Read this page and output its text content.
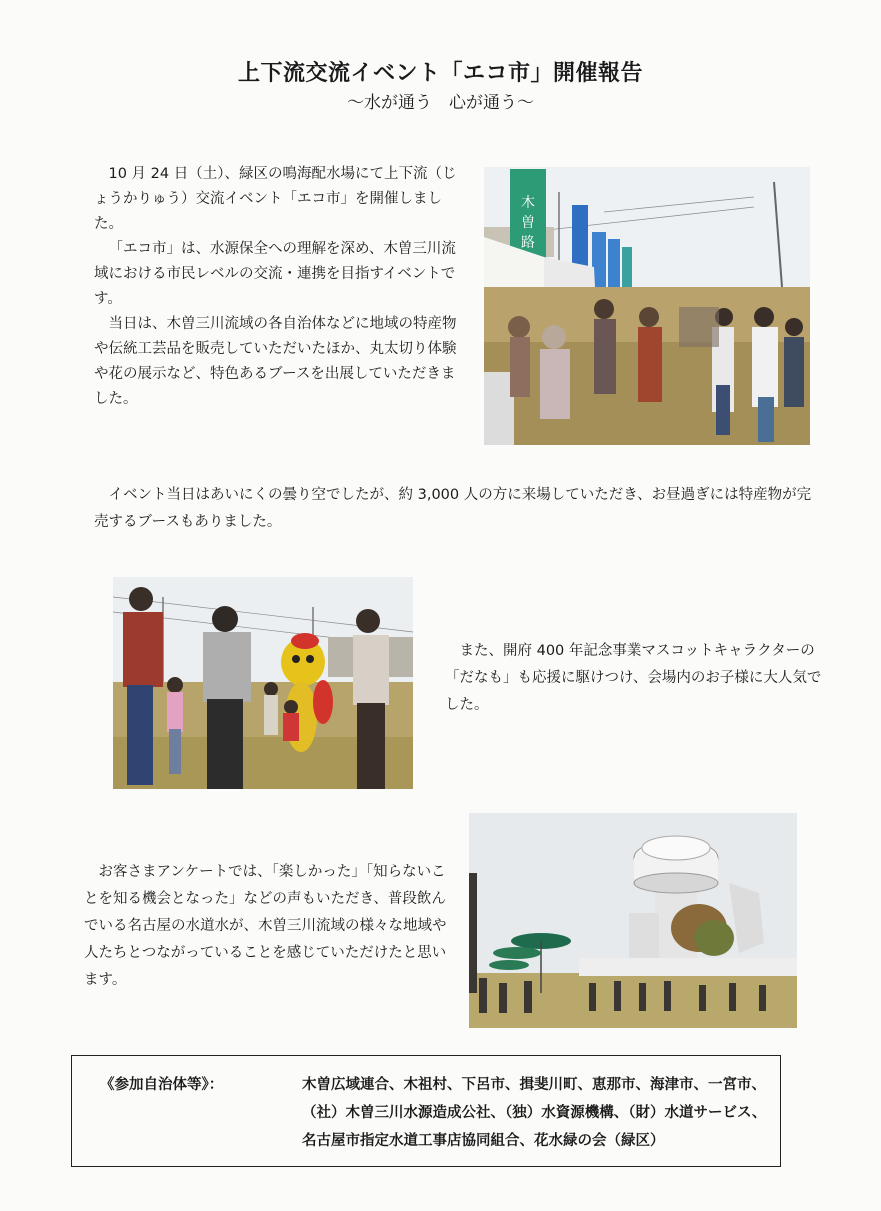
上下流交流イベント「エコ市」開催報告
～水が通う　心が通う～

10 月 24 日（土）、緑区の鳴海配水場にて上下流（じょうかりゅう）交流イベント「エコ市」を開催しました。

「エコ市」は、水源保全への理解を深め、木曽三川流域における市民レベルの交流・連携を目指すイベントです。

当日は、木曽三川流域の各自治体などに地域の特産物や伝統工芸品を販売していただいたほか、丸太切り体験や花の展示など、特色あるブースを出展していただきました。

木
曽
路
イベント当日はあいにくの曇り空でしたが、約 3,000 人の方に来場していただき、お昼過ぎには特産物が完売するブースもありました。
また、開府 400 年記念事業マスコットキャラクターの「だなも」も応援に駆けつけ、会場内のお子様に大人気でした。
お客さまアンケートでは、「楽しかった」「知らないことを知る機会となった」などの声もいただき、普段飲んでいる名古屋の水道水が、木曽三川流域の様々な地域や人たちとつながっていることを感じていただけたと思います。
《参加自治体等》：	木曽広域連合、木祖村、下呂市、揖斐川町、恵那市、海津市、一宮市、
（社）木曽三川水源造成公社、（独）水資源機構、（財）水道サービス、
名古屋市指定水道工事店協同組合、花水緑の会（緑区）
